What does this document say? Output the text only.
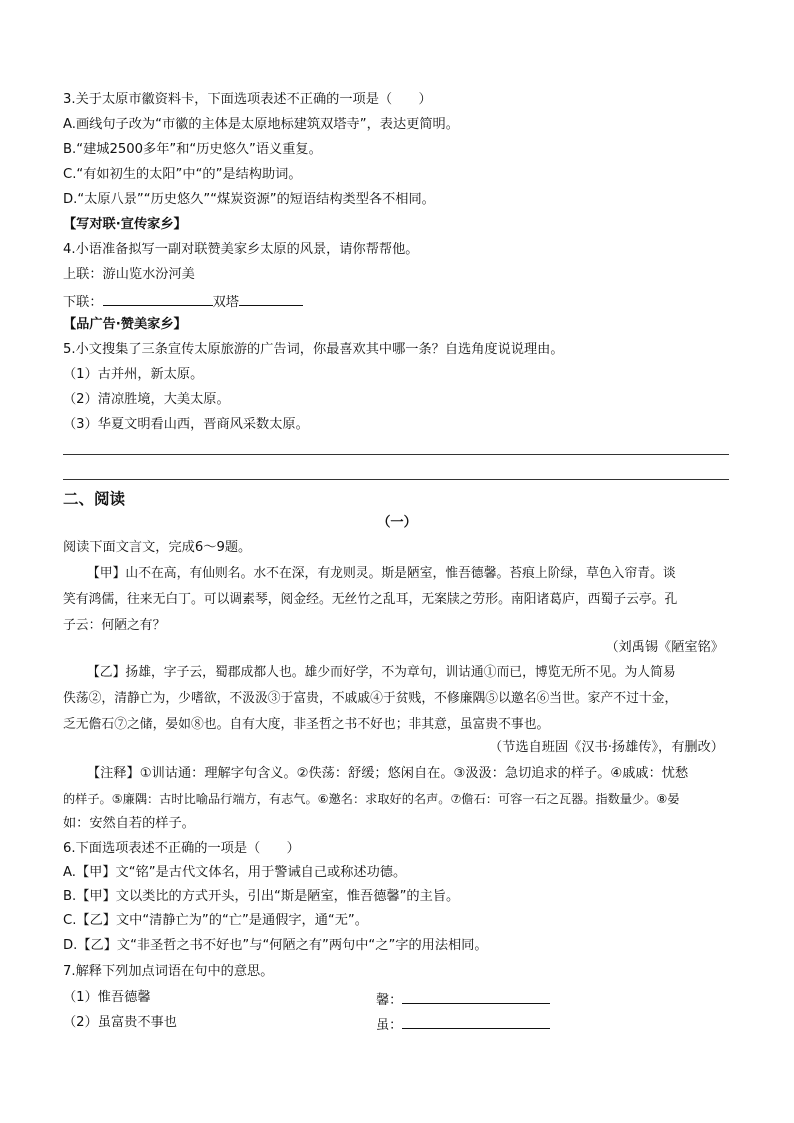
3.关于太原市徽资料卡，下面选项表述不正确的一项是（　　）
A.画线句子改为“市徽的主体是太原地标建筑双塔寺”，表达更简明。
B.“建城2500多年”和“历史悠久”语义重复。
C.“有如初生的太阳”中“的”是结构助词。
D.“太原八景”“历史悠久”“煤炭资源”的短语结构类型各不相同。
【写对联·宣传家乡】
4.小语准备拟写一副对联赞美家乡太原的风景，请你帮帮他。
上联：游山览水汾河美
下联：	双塔
【品广告·赞美家乡】
5.小文搜集了三条宣传太原旅游的广告词，你最喜欢其中哪一条？自选角度说说理由。
（1）古并州，新太原。
（2）清凉胜境，大美太原。
（3）华夏文明看山西，晋商风采数太原。
二、阅读
（一）
阅读下面文言文，完成6～9题。
【甲】山不在高，有仙则名。水不在深，有龙则灵。斯是陋室，惟吾德馨。苔痕上阶绿，草色入帘青。谈
笑有鸿儒，往来无白丁。可以调素琴，阅金经。无丝竹之乱耳，无案牍之劳形。南阳诸葛庐，西蜀子云亭。孔
子云：何陋之有？
（刘禹锡《陋室铭》
【乙】扬雄，字子云，蜀郡成都人也。雄少而好学，不为章句，训诂通①而已，博览无所不见。为人简易
佚荡②，清静亡为，少嗜欲，不汲汲③于富贵，不戚戚④于贫贱，不修廉隅⑤以邀名⑥当世。家产不过十金，
乏无儋石⑦之储，晏如⑧也。自有大度，非圣哲之书不好也；非其意，虽富贵不事也。
（节选自班固《汉书·扬雄传》，有删改）
【注释】①训诂通：理解字句含义。②佚荡：舒缓；悠闲自在。③汲汲：急切追求的样子。④戚戚：忧愁
的样子。⑤廉隅：古时比喻品行端方，有志气。⑥邀名：求取好的名声。⑦儋石：可容一石之瓦器。指数量少。⑧晏
如：安然自若的样子。
6.下面选项表述不正确的一项是（　　）
A.【甲】文“铭”是古代文体名，用于警诫自己或称述功德。
B.【甲】文以类比的方式开头，引出“斯是陋室，惟吾德馨”的主旨。
C.【乙】文中“清静亡为”的“亡”是通假字，通“无”。
D.【乙】文“非圣哲之书不好也”与“何陋之有”两句中“之”字的用法相同。
7.解释下列加点词语在句中的意思。
（1）惟吾德馨	馨：
（2）虽富贵不事也	虽：
